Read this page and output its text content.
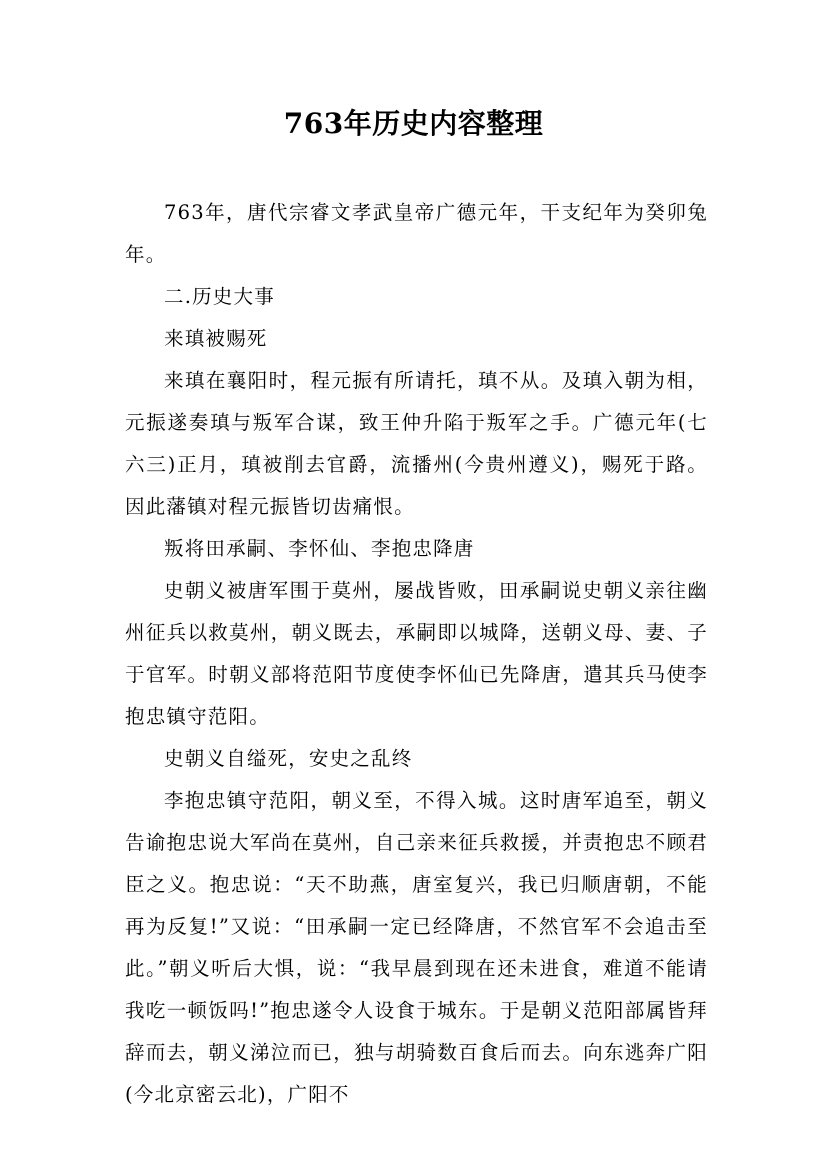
763年历史内容整理

763年，唐代宗睿文孝武皇帝广德元年，干支纪年为癸卯兔年。

二.历史大事

来瑱被赐死

来瑱在襄阳时，程元振有所请托，瑱不从。及瑱入朝为相，元振遂奏瑱与叛军合谋，致王仲升陷于叛军之手。广德元年(七六三)正月，瑱被削去官爵，流播州(今贵州遵义)，赐死于路。因此藩镇对程元振皆切齿痛恨。

叛将田承嗣、李怀仙、李抱忠降唐

史朝义被唐军围于莫州，屡战皆败，田承嗣说史朝义亲往幽州征兵以救莫州，朝义既去，承嗣即以城降，送朝义母、妻、子于官军。时朝义部将范阳节度使李怀仙已先降唐，遣其兵马使李抱忠镇守范阳。

史朝义自缢死，安史之乱终

李抱忠镇守范阳，朝义至，不得入城。这时唐军追至，朝义告谕抱忠说大军尚在莫州，自己亲来征兵救援，并责抱忠不顾君臣之义。抱忠说：“天不助燕，唐室复兴，我已归顺唐朝，不能再为反复!”又说：“田承嗣一定已经降唐，不然官军不会追击至此。”朝义听后大惧，说：“我早晨到现在还未进食，难道不能请我吃一顿饭吗!”抱忠遂令人设食于城东。于是朝义范阳部属皆拜辞而去，朝义涕泣而已，独与胡骑数百食后而去。向东逃奔广阳(今北京密云北)，广阳不
